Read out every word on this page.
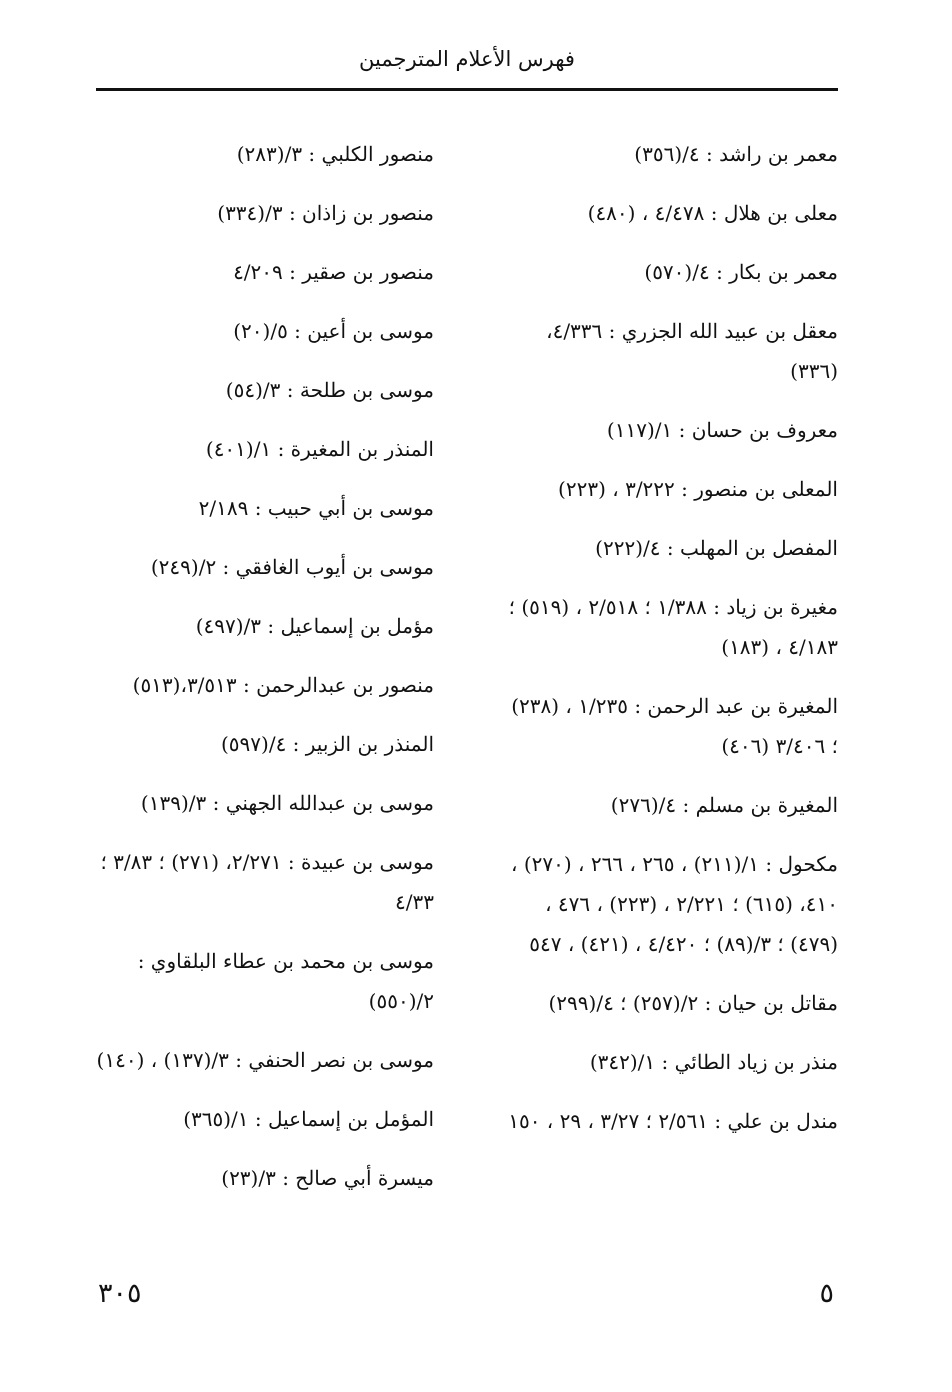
فهرس الأعلام المترجمين

معمر بن راشد : ٤/(٣٥٦)

معلى بن هلال : ٤/٤٧٨ ، (٤٨٠)

معمر بن بكار : ٤/(٥٧٠)

معقل بن عبيد الله الجزري : ٤/٣٣٦، (٣٣٦)

معروف بن حسان : ١/(١١٧)

المعلى بن منصور : ٣/٢٢٢ ، (٢٢٣)

المفصل بن المهلب : ٤/(٢٢٢)

مغيرة بن زياد : ١/٣٨٨ ؛ ٢/٥١٨ ، (٥١٩) ؛ ٤/١٨٣ ، (١٨٣)

المغيرة بن عبد الرحمن : ١/٢٣٥ ، (٢٣٨) ؛ ٣/٤٠٦ (٤٠٦)

المغيرة بن مسلم : ٤/(٢٧٦)

مكحول : ١/(٢١١) ، ٢٦٥ ، ٢٦٦ ، (٢٧٠) ، ٤١٠، (٦١٥) ؛ ٢/٢٢١ ، (٢٢٣) ، ٤٧٦ ، (٤٧٩) ؛ ٣/(٨٩) ؛ ٤/٤٢٠ ، (٤٢١) ، ٥٤٧

مقاتل بن حيان : ٢/(٢٥٧) ؛ ٤/(٢٩٩)

منذر بن زياد الطائي : ١/(٣٤٢)

مندل بن علي : ٢/٥٦١ ؛ ٣/٢٧ ، ٢٩ ، ١٥٠

منصور الكلبي : ٣/(٢٨٣)

منصور بن زاذان : ٣/(٣٣٤)

منصور بن صقير : ٤/٢٠٩

موسى بن أعين : ٥/(٢٠)

موسى بن طلحة : ٣/(٥٤)

المنذر بن المغيرة : ١/(٤٠١)

موسى بن أبي حبيب : ٢/١٨٩

موسى بن أيوب الغافقي : ٢/(٢٤٩)

مؤمل بن إسماعيل : ٣/(٤٩٧)

منصور بن عبدالرحمن : ٣/٥١٣،(٥١٣)

المنذر بن الزبير : ٤/(٥٩٧)

موسى بن عبدالله الجهني : ٣/(١٣٩)

موسى بن عبيدة : ٢/٢٧١، (٢٧١) ؛ ٣/٨٣ ؛ ٤/٣٣

موسى بن محمد بن عطاء البلقاوي : ٢/(٥٥٠)

موسى بن نصر الحنفي : ٣/(١٣٧) ، (١٤٠)

المؤمل بن إسماعيل : ١/(٣٦٥)

ميسرة أبي صالح : ٣/(٢٣)

٣٠٥	٥
